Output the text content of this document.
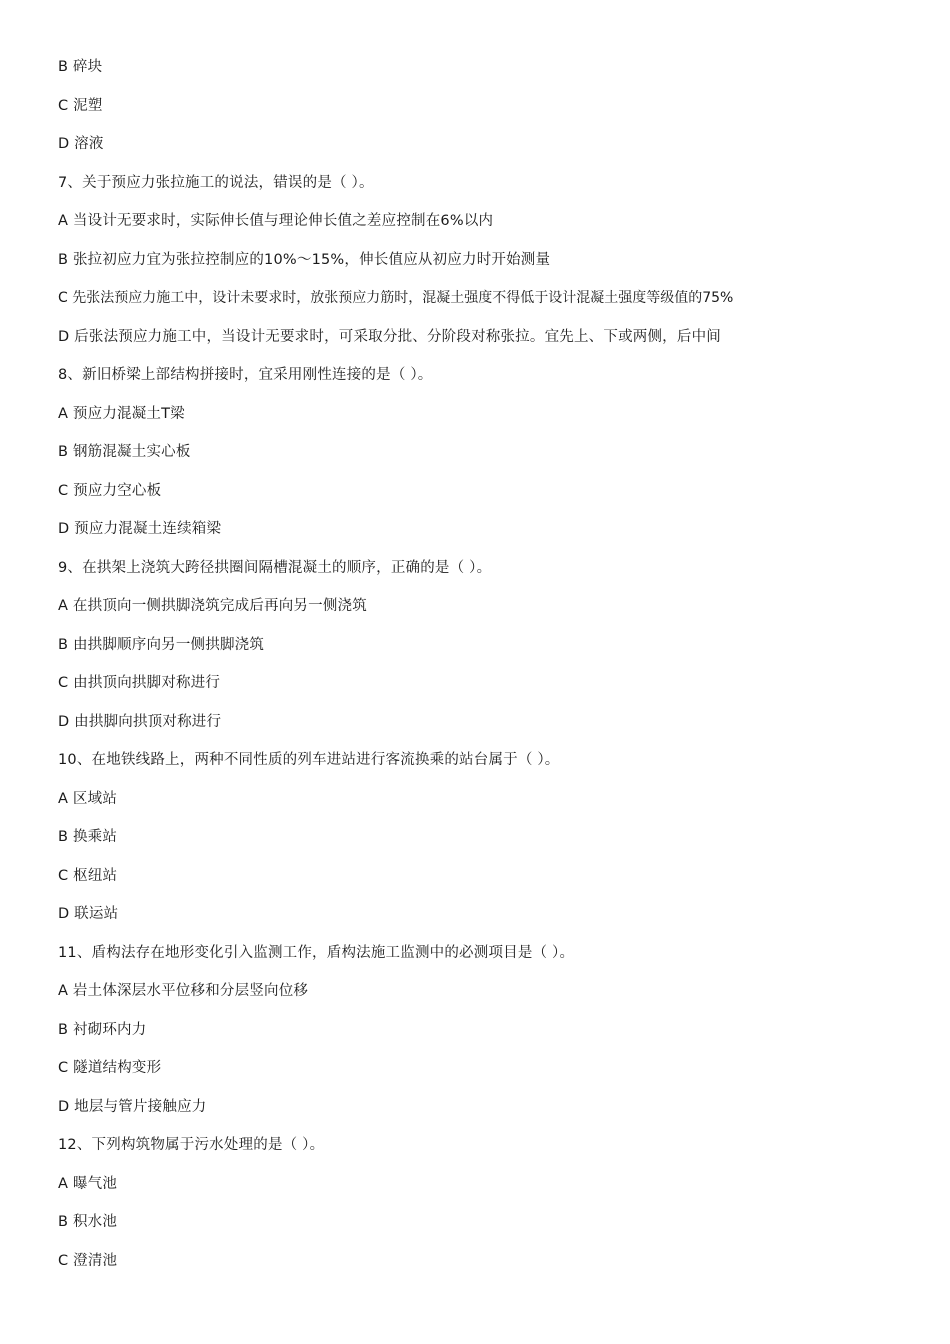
B 碎块
C 泥塑
D 溶液
7、关于预应力张拉施工的说法，错误的是（ ）。
A 当设计无要求时，实际伸长值与理论伸长值之差应控制在6%以内
B 张拉初应力宜为张拉控制应的10%～15%，伸长值应从初应力时开始测量
C 先张法预应力施工中，设计未要求时，放张预应力筋时，混凝土强度不得低于设计混凝土强度等级值的75%
D 后张法预应力施工中，当设计无要求时，可采取分批、分阶段对称张拉。宜先上、下或两侧，后中间
8、新旧桥梁上部结构拼接时，宜采用刚性连接的是（ ）。
A 预应力混凝土T梁
B 钢筋混凝土实心板
C 预应力空心板
D 预应力混凝土连续箱梁
9、在拱架上浇筑大跨径拱圈间隔槽混凝土的顺序，正确的是（ ）。
A 在拱顶向一侧拱脚浇筑完成后再向另一侧浇筑
B 由拱脚顺序向另一侧拱脚浇筑
C 由拱顶向拱脚对称进行
D 由拱脚向拱顶对称进行
10、在地铁线路上，两种不同性质的列车进站进行客流换乘的站台属于（ ）。
A 区域站
B 换乘站
C 枢纽站
D 联运站
11、盾构法存在地形变化引入监测工作，盾构法施工监测中的必测项目是（ ）。
A 岩土体深层水平位移和分层竖向位移
B 衬砌环内力
C 隧道结构变形
D 地层与管片接触应力
12、下列构筑物属于污水处理的是（ ）。
A 曝气池
B 积水池
C 澄清池
